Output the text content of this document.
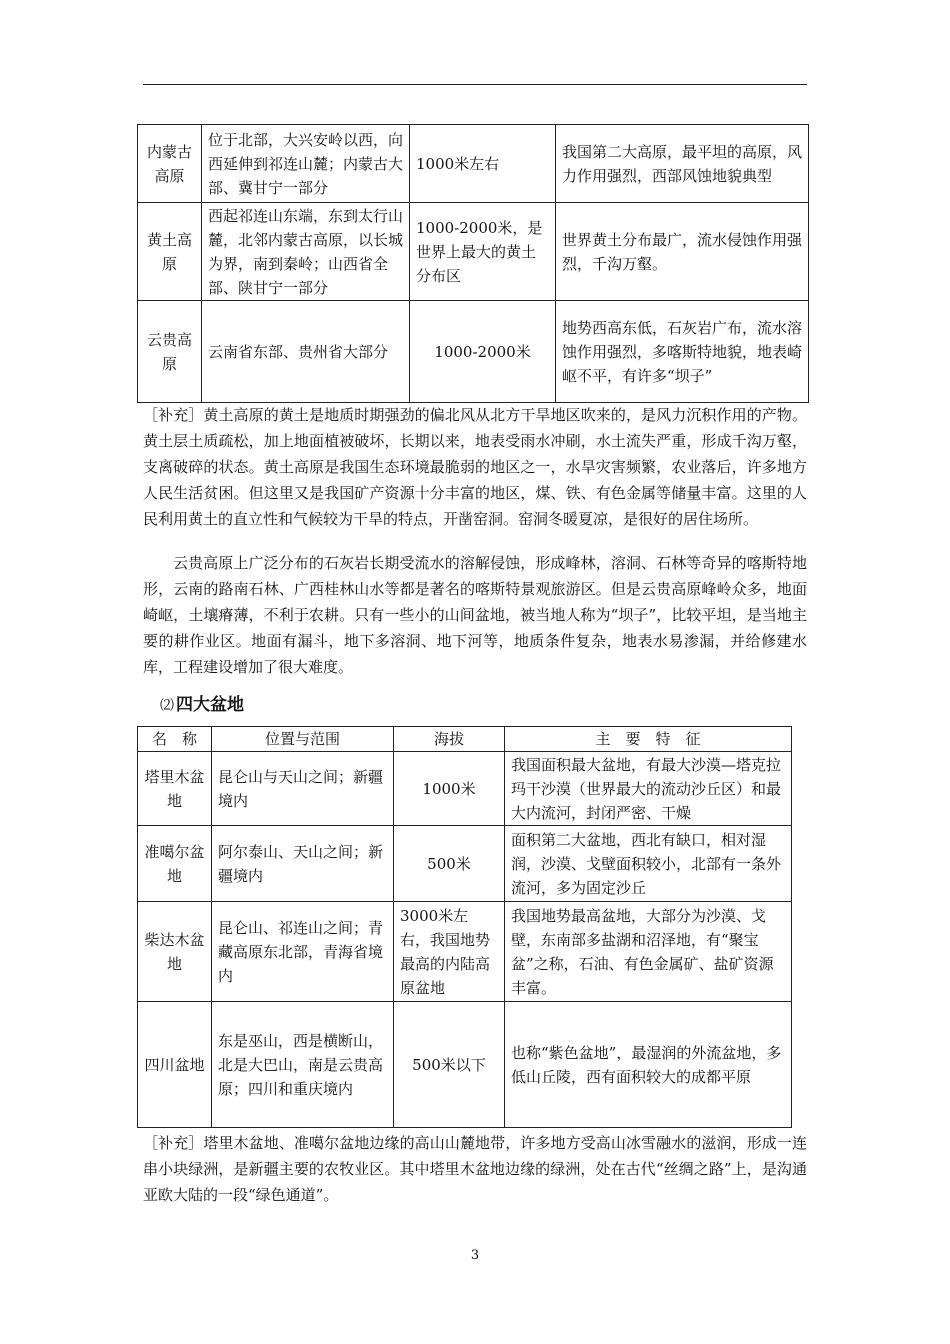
内蒙古高原	位于北部，大兴安岭以西，向西延伸到祁连山麓；内蒙古大部、冀甘宁一部分	1000米左右	我国第二大高原，最平坦的高原，风力作用强烈，西部风蚀地貌典型
黄土高原	西起祁连山东端，东到太行山麓，北邻内蒙古高原，以长城为界，南到秦岭；山西省全部、陕甘宁一部分	1000-2000米，是世界上最大的黄土分布区	世界黄土分布最广，流水侵蚀作用强烈，千沟万壑。
云贵高原	云南省东部、贵州省大部分	1000-2000米	地势西高东低，石灰岩广布，流水溶蚀作用强烈，多喀斯特地貌，地表崎岖不平，有许多“坝子”

［补充］黄土高原的黄土是地质时期强劲的偏北风从北方干旱地区吹来的，是风力沉积作用的产物。黄土层土质疏松，加上地面植被破坏，长期以来，地表受雨水冲刷，水土流失严重，形成千沟万壑，支离破碎的状态。黄土高原是我国生态环境最脆弱的地区之一，水旱灾害频繁，农业落后，许多地方人民生活贫困。但这里又是我国矿产资源十分丰富的地区，煤、铁、有色金属等储量丰富。这里的人民利用黄土的直立性和气候较为干旱的特点，开凿窑洞。窑洞冬暖夏凉，是很好的居住场所。

云贵高原上广泛分布的石灰岩长期受流水的溶解侵蚀，形成峰林，溶洞、石林等奇异的喀斯特地形，云南的路南石林、广西桂林山水等都是著名的喀斯特景观旅游区。但是云贵高原峰岭众多，地面崎岖，土壤瘠薄，不利于农耕。只有一些小的山间盆地，被当地人称为“坝子”，比较平坦，是当地主要的耕作业区。地面有漏斗，地下多溶洞、地下河等，地质条件复杂，地表水易渗漏，并给修建水库，工程建设增加了很大难度。

⑵ 四大盆地
名　称	位置与范围	海拔	主　要　特　征
塔里木盆地	昆仑山与天山之间；新疆境内	1000米	我国面积最大盆地，有最大沙漠—塔克拉玛干沙漠（世界最大的流动沙丘区）和最大内流河，封闭严密、干燥
准噶尔盆地	阿尔泰山、天山之间；新疆境内	500米	面积第二大盆地，西北有缺口，相对湿润，沙漠、戈壁面积较小，北部有一条外流河，多为固定沙丘
柴达木盆地	昆仑山、祁连山之间；青藏高原东北部，青海省境内	3000米左右，我国地势最高的内陆高原盆地	我国地势最高盆地，大部分为沙漠、戈壁，东南部多盐湖和沼泽地，有“聚宝盆”之称，石油、有色金属矿、盐矿资源丰富。
四川盆地	东是巫山，西是横断山，北是大巴山，南是云贵高原；四川和重庆境内	500米以下	也称“紫色盆地”，最湿润的外流盆地，多低山丘陵，西有面积较大的成都平原

［补充］塔里木盆地、准噶尔盆地边缘的高山山麓地带，许多地方受高山冰雪融水的滋润，形成一连串小块绿洲，是新疆主要的农牧业区。其中塔里木盆地边缘的绿洲，处在古代“丝绸之路”上，是沟通亚欧大陆的一段“绿色通道”。

3
